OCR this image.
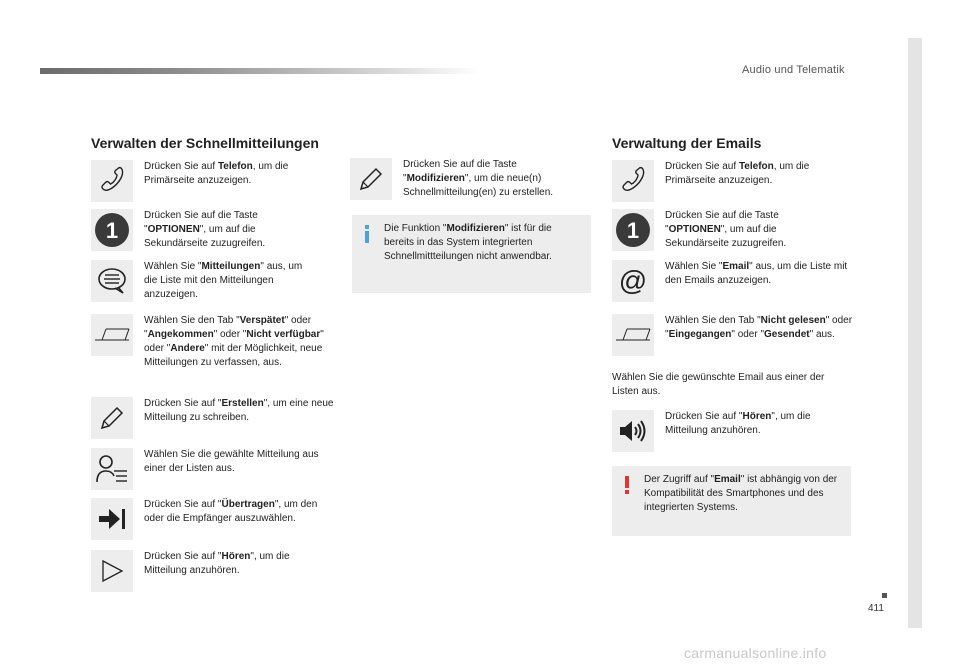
Audio und Telematik
411
carmanualsonline.info
Verwalten der Schnellmitteilungen
Drücken Sie auf Telefon, um die Primärseite anzuzeigen.
1
Drücken Sie auf die Taste "OPTIONEN", um auf die Sekundärseite zuzugreifen.
Wählen Sie "Mitteilungen" aus, um die Liste mit den Mitteilungen anzuzeigen.
Wählen Sie den Tab "Verspätet" oder "Angekommen" oder "Nicht verfügbar" oder "Andere" mit der Möglichkeit, neue Mitteilungen zu verfassen, aus.
Drücken Sie auf "Erstellen", um eine neue Mitteilung zu schreiben.
Wählen Sie die gewählte Mitteilung aus einer der Listen aus.
Drücken Sie auf "Übertragen", um den oder die Empfänger auszuwählen.
Drücken Sie auf "Hören", um die Mitteilung anzuhören.
Drücken Sie auf die Taste "Modifizieren", um die neue(n) Schnellmitteilung(en) zu erstellen.
Die Funktion "Modifizieren" ist für die bereits in das System integrierten Schnellmittteilungen nicht anwendbar.
Verwaltung der Emails
Drücken Sie auf Telefon, um die Primärseite anzuzeigen.
1
Drücken Sie auf die Taste "OPTIONEN", um auf die Sekundärseite zuzugreifen.
@ Wählen Sie "Email" aus, um die Liste mit den Emails anzuzeigen.
Wählen Sie den Tab "Nicht gelesen" oder "Eingegangen" oder "Gesendet" aus.
Wählen Sie die gewünschte Email aus einer der Listen aus.
Drücken Sie auf "Hören", um die Mitteilung anzuhören.
Der Zugriff auf "Email" ist abhängig von der Kompatibilität des Smartphones und des integrierten Systems.
